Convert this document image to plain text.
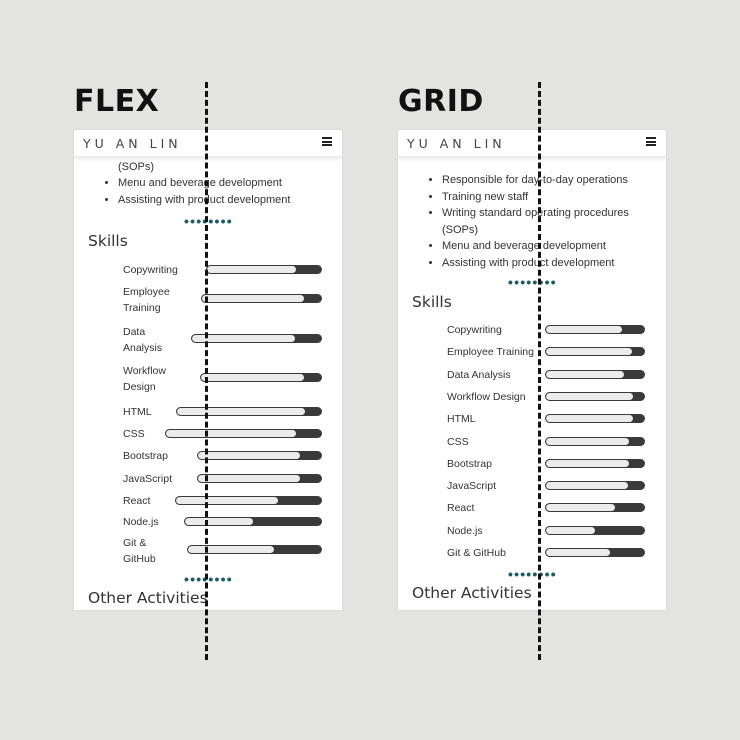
FLEX	GRID
YU AN LIN
(SOPs)
• Menu and beverage development
• Assisting with product development
••••••••
Skills
Copywriting
Employee Training
Data Analysis
Workflow Design
HTML
CSS
Bootstrap
JavaScript
React
Node.js
Git & GitHub
••••••••
Other Activities
YU AN LIN
• Responsible for day-to-day operations
• Training new staff
• Writing standard operating procedures
(SOPs)
• Menu and beverage development
• Assisting with product development
••••••••
Skills
Copywriting
Employee Training
Data Analysis
Workflow Design
HTML
CSS
Bootstrap
JavaScript
React
Node.js
Git & GitHub
••••••••
Other Activities
